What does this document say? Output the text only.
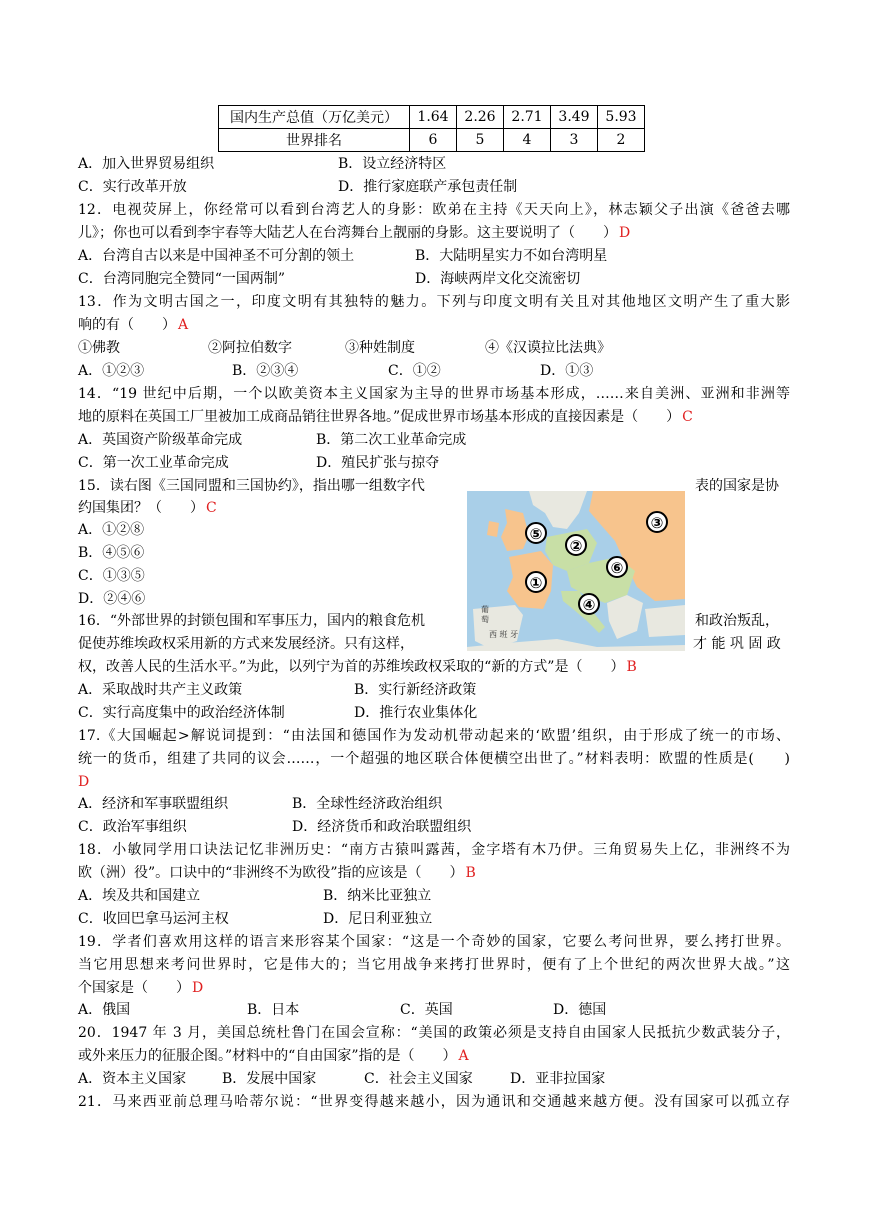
国内生产总值（万亿美元）	1.64	2.26	2.71	3.49	5.93
世界排名	6	5	4	3	2
A．加入世界贸易组织	B．设立经济特区
C．实行改革开放	D．推行家庭联产承包责任制
12．电视荧屏上，你经常可以看到台湾艺人的身影：欧弟在主持《天天向上》，林志颖父子出演《爸爸去哪
儿》；你也可以看到李宇春等大陆艺人在台湾舞台上靓丽的身影。这主要说明了（　　） D
A．台湾自古以来是中国神圣不可分割的领土	B．大陆明星实力不如台湾明星
C．台湾同胞完全赞同“一国两制”	D．海峡两岸文化交流密切
13．作为文明古国之一，印度文明有其独特的魅力。下列与印度文明有关且对其他地区文明产生了重大影
响的有（　　） A
①佛教	②阿拉伯数字	③种姓制度	④《汉谟拉比法典》
A．①②③	B．②③④	C．①②	D．①③
14．“19 世纪中后期，一个以欧美资本主义国家为主导的世界市场基本形成，……来自美洲、亚洲和非洲等
地的原料在英国工厂里被加工成商品销往世界各地。”促成世界市场基本形成的直接因素是（　　） C
A．英国资产阶级革命完成	B．第二次工业革命完成
C．第一次工业革命完成	D．殖民扩张与掠夺
15．读右图《三国同盟和三国协约》，指出哪一组数字代	表的国家是协
约国集团？（　　） C
A．①②⑧
B．④⑤⑥
C．①③⑤
D．②④⑥
⑤
②
③
⑥
①
④
葡
萄
西 班 牙
16．“外部世界的封锁包围和军事压力，国内的粮食危机	和政治叛乱，
促使苏维埃政权采用新的方式来发展经济。只有这样，	才 能 巩 固 政
权，改善人民的生活水平。”为此，以列宁为首的苏维埃政权采取的“新的方式”是（　　） B
A．采取战时共产主义政策	B．实行新经济政策
C．实行高度集中的政治经济体制	D．推行农业集体化
17.《大国崛起>解说词提到：“由法国和德国作为发动机带动起来的‘欧盟’组织，由于形成了统一的市场、
统一的货币，组建了共同的议会……，一个超强的地区联合体便横空出世了。”材料表明：欧盟的性质是(　　)
D
A．经济和军事联盟组织	B．全球性经济政治组织
C．政治军事组织	D．经济货币和政治联盟组织
18．小敏同学用口诀法记忆非洲历史：“南方古猿叫露茜，金字塔有木乃伊。三角贸易失上亿，非洲终不为
欧（洲）役”。口诀中的“非洲终不为欧役”指的应该是（　　） B
A．埃及共和国建立	B．纳米比亚独立
C．收回巴拿马运河主权	D．尼日利亚独立
19．学者们喜欢用这样的语言来形容某个国家：“这是一个奇妙的国家，它要么考问世界，要么拷打世界。
当它用思想来考问世界时，它是伟大的；当它用战争来拷打世界时，便有了上个世纪的两次世界大战。”这
个国家是（　　） D
A．俄国	B．日本	C．英国	D．德国
20．1947 年 3 月，美国总统杜鲁门在国会宣称：“美国的政策必须是支持自由国家人民抵抗少数武装分子，
或外来压力的征服企图。”材料中的“自由国家”指的是（　　） A
A．资本主义国家	B．发展中国家	C．社会主义国家	D．亚非拉国家
21．马来西亚前总理马哈蒂尔说：“世界变得越来越小，因为通讯和交通越来越方便。没有国家可以孤立存
